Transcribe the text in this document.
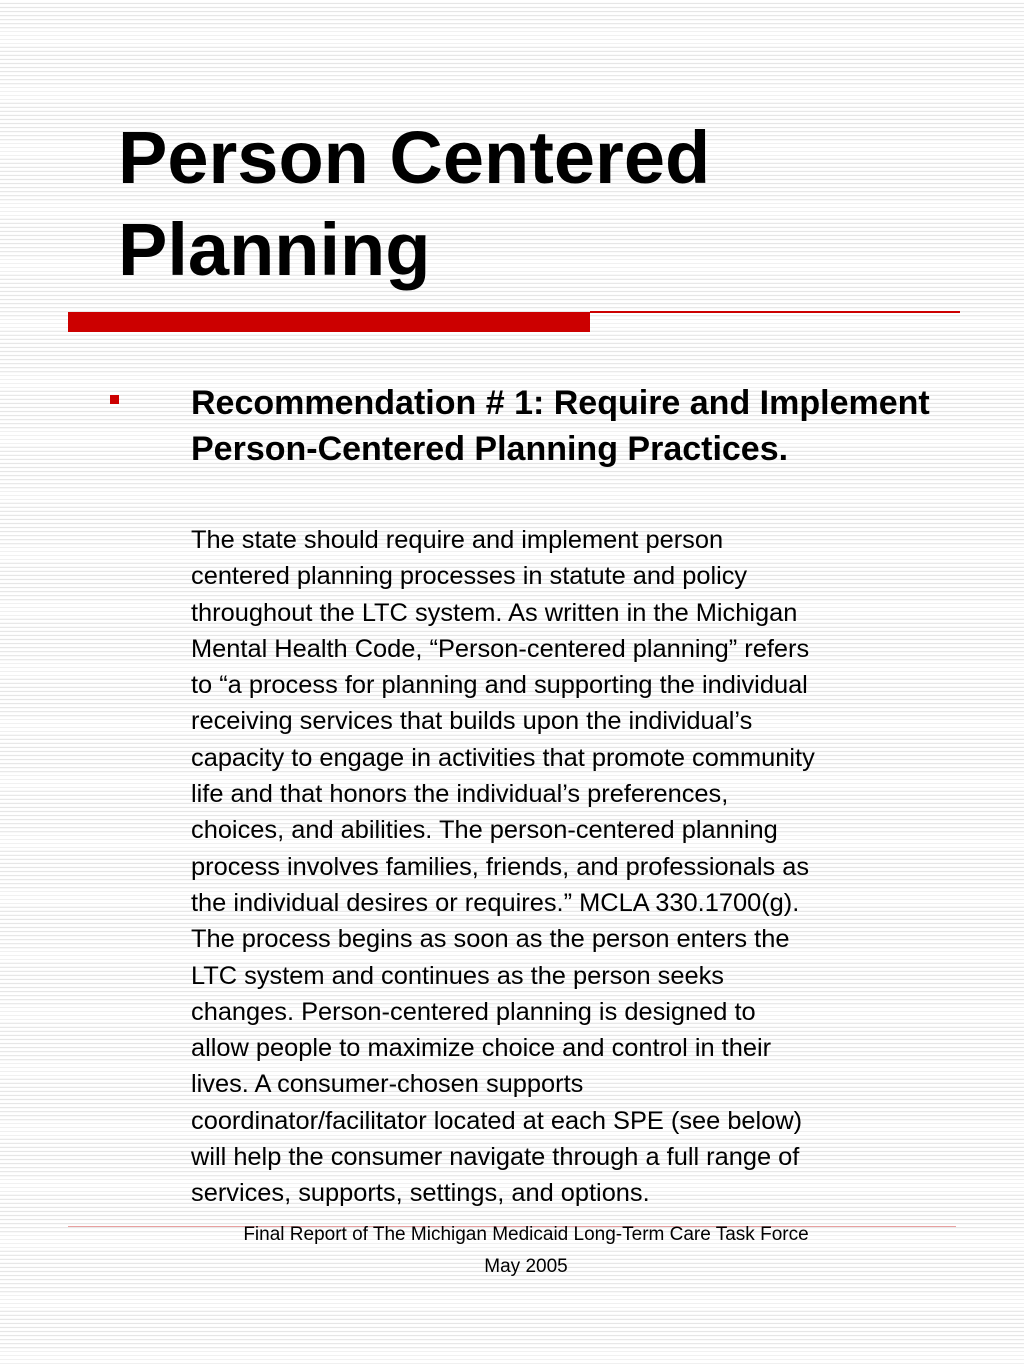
Person Centered Planning

Recommendation # 1: Require and Implement Person-Centered Planning Practices.

The state should require and implement person
centered planning processes in statute and policy
throughout the LTC system. As written in the Michigan
Mental Health Code, “Person-centered planning” refers
to “a process for planning and supporting the individual
receiving services that builds upon the individual’s
capacity to engage in activities that promote community
life and that honors the individual’s preferences,
choices, and abilities. The person-centered planning
process involves families, friends, and professionals as
the individual desires or requires.” MCLA 330.1700(g).
The process begins as soon as the person enters the
LTC system and continues as the person seeks
changes. Person-centered planning is designed to
allow people to maximize choice and control in their
lives. A consumer-chosen supports
coordinator/facilitator located at each SPE (see below)
will help the consumer navigate through a full range of
services, supports, settings, and options.

Final Report of The Michigan Medicaid Long-Term Care Task Force
May 2005
